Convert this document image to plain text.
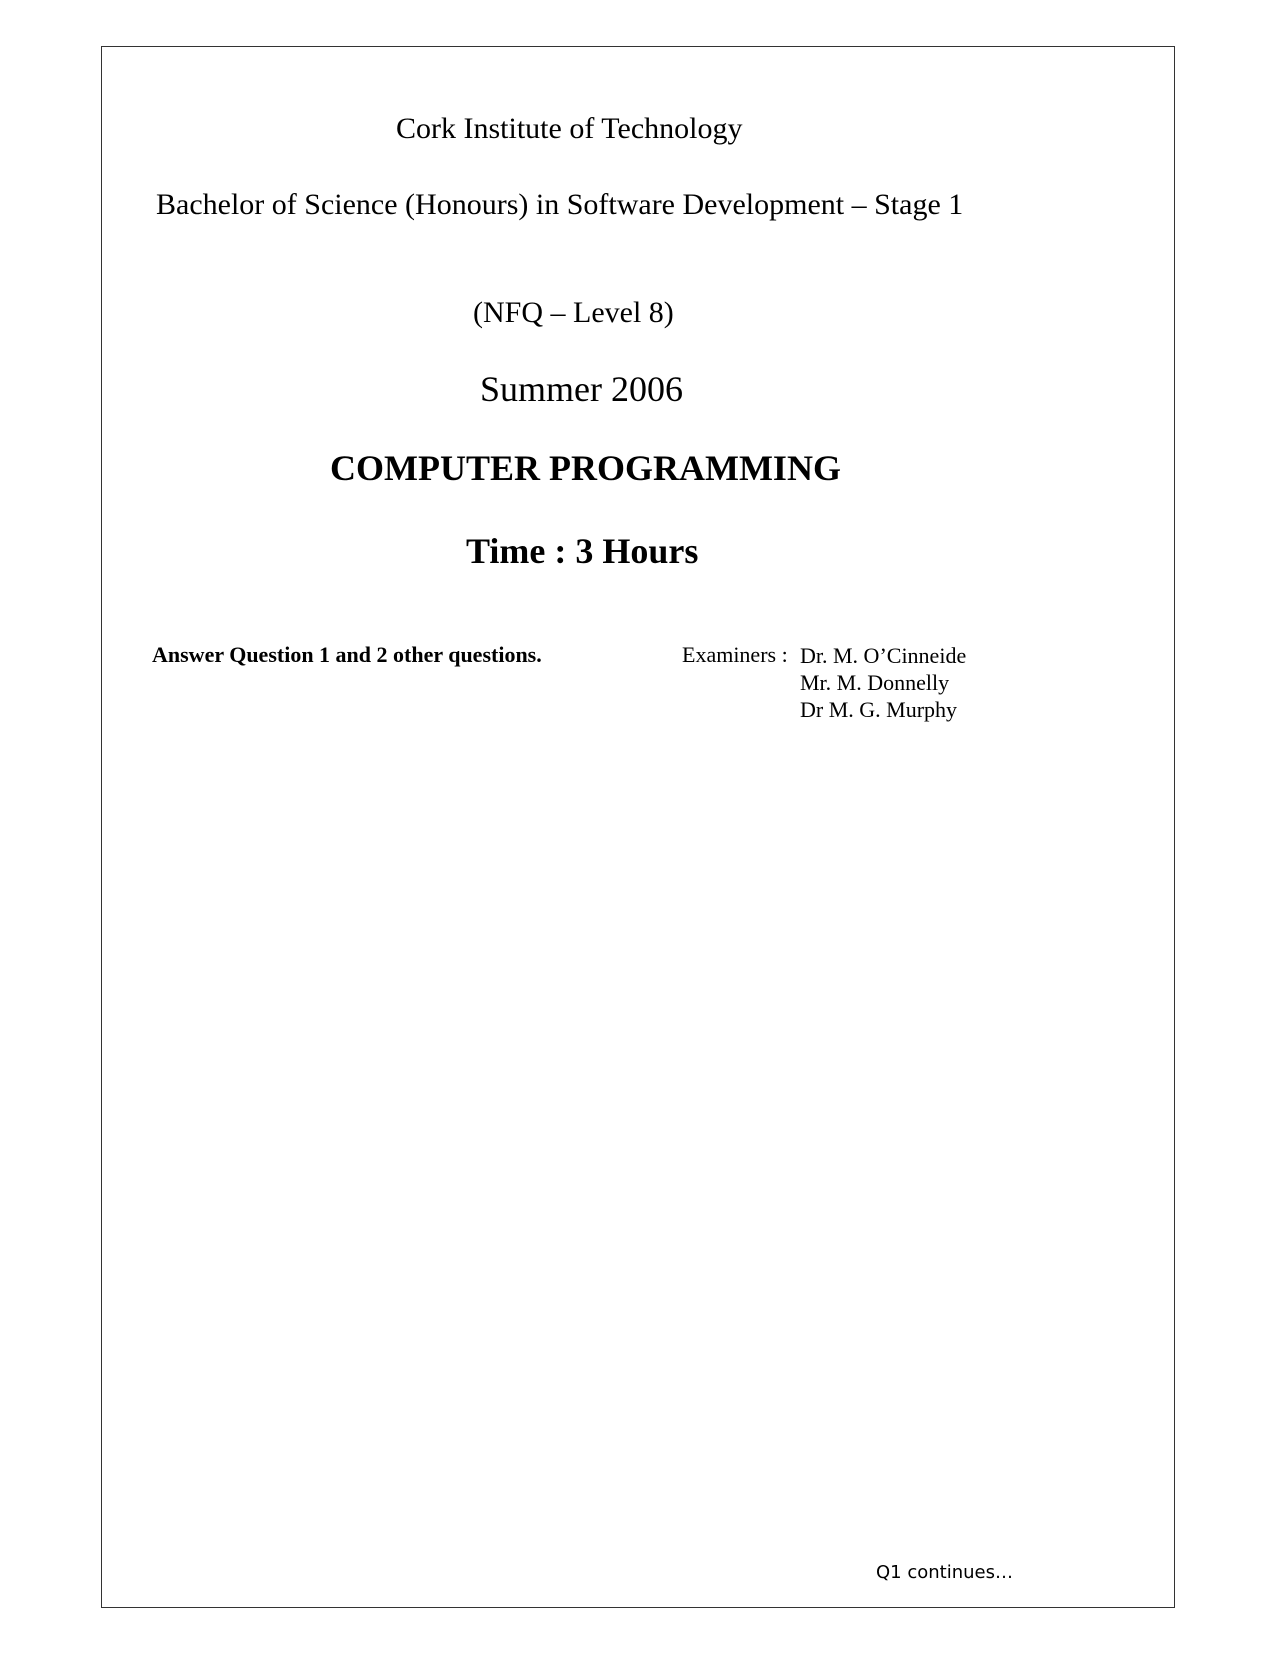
Cork Institute of Technology
Bachelor of Science (Honours) in Software Development – Stage 1
(NFQ – Level 8)
Summer 2006
COMPUTER PROGRAMMING
Time : 3 Hours
Answer Question 1 and 2 other questions.	Examiners : Dr. M. O’Cinneide
Mr. M. Donnelly
Dr M. G. Murphy
Q1 continues…
